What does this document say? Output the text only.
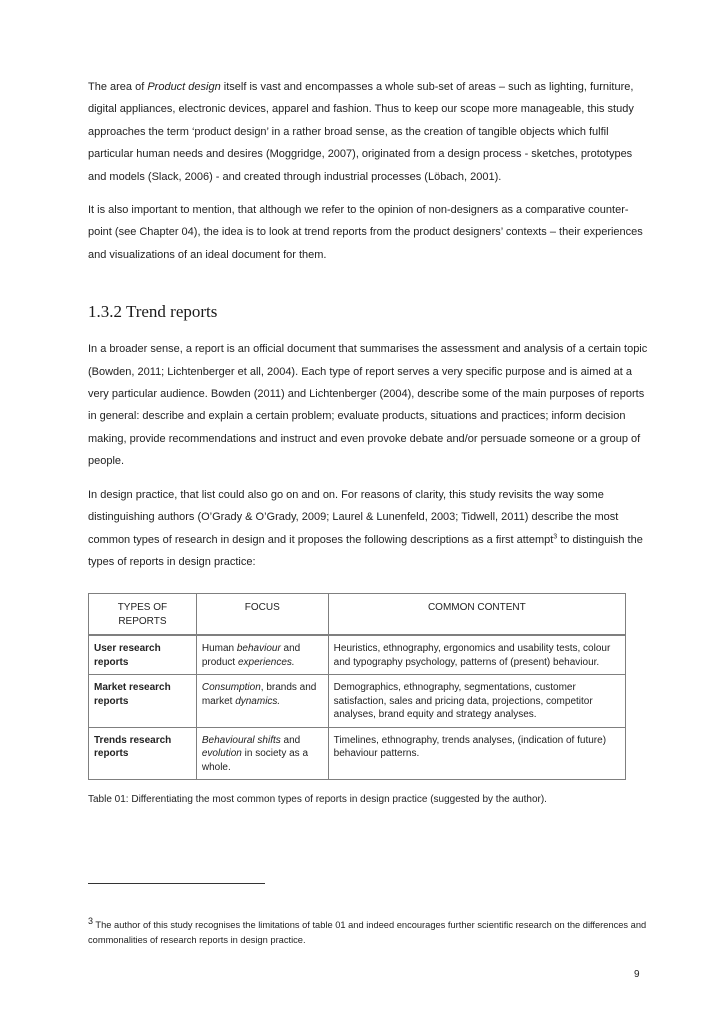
The area of Product design itself is vast and encompasses a whole sub-set of areas – such as lighting, furniture, digital appliances, electronic devices, apparel and fashion. Thus to keep our scope more manageable, this study approaches the term ‘product design’ in a rather broad sense, as the creation of tangible objects which fulfil particular human needs and desires (Moggridge, 2007), originated from a design process - sketches, prototypes and models (Slack, 2006) - and created through industrial processes (Löbach, 2001).

It is also important to mention, that although we refer to the opinion of non-designers as a comparative counter-point (see Chapter 04), the idea is to look at trend reports from the product designers’ contexts – their experiences and visualizations of an ideal document for them.

1.3.2 Trend reports

In a broader sense, a report is an official document that summarises the assessment and analysis of a certain topic (Bowden, 2011; Lichtenberger et all, 2004). Each type of report serves a very specific purpose and is aimed at a very particular audience. Bowden (2011) and Lichtenberger (2004), describe some of the main purposes of reports in general: describe and explain a certain problem; evaluate products, situations and practices; inform decision making, provide recommendations and instruct and even provoke debate and/or persuade someone or a group of people.

In design practice, that list could also go on and on. For reasons of clarity, this study revisits the way some distinguishing authors (O’Grady & O’Grady, 2009; Laurel & Lunenfeld, 2003; Tidwell, 2011) describe the most common types of research in design and it proposes the following descriptions as a first attempt$^3$ to distinguish the types of reports in design practice:

TYPES OF REPORTS	FOCUS	COMMON CONTENT
User research reports	Human behaviour and product experiences.	Heuristics, ethnography, ergonomics and usability tests, colour and typography psychology, patterns of (present) behaviour.
Market research reports	Consumption, brands and market dynamics.	Demographics, ethnography, segmentations, customer satisfaction, sales and pricing data, projections, competitor analyses, brand equity and strategy analyses.
Trends research reports	Behavioural shifts and evolution in society as a whole.	Timelines, ethnography, trends analyses, (indication of future) behaviour patterns.
Table 01: Differentiating the most common types of reports in design practice (suggested by the author).
$^3$ The author of this study recognises the limitations of table 01 and indeed encourages further scientific research on the differences and commonalities of research reports in design practice.
9
